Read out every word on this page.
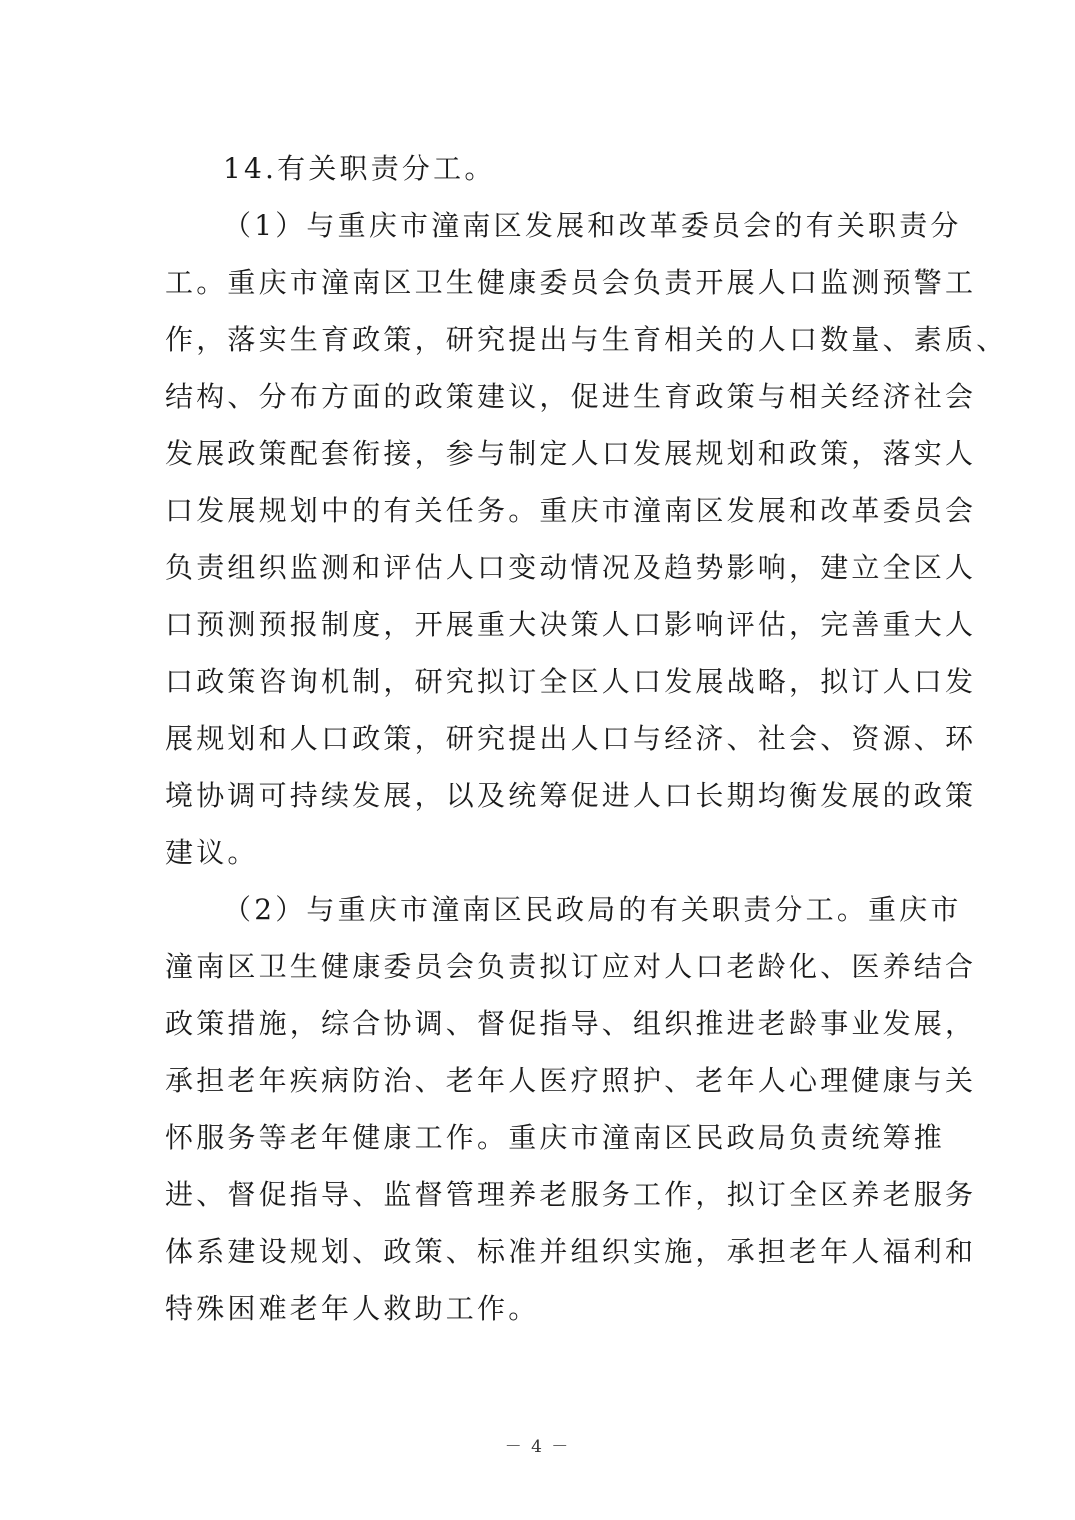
14.有关职责分工。
（1）与重庆市潼南区发展和改革委员会的有关职责分
工。重庆市潼南区卫生健康委员会负责开展人口监测预警工
作，落实生育政策，研究提出与生育相关的人口数量、素质、
结构、分布方面的政策建议，促进生育政策与相关经济社会
发展政策配套衔接，参与制定人口发展规划和政策，落实人
口发展规划中的有关任务。重庆市潼南区发展和改革委员会
负责组织监测和评估人口变动情况及趋势影响，建立全区人
口预测预报制度，开展重大决策人口影响评估，完善重大人
口政策咨询机制，研究拟订全区人口发展战略，拟订人口发
展规划和人口政策，研究提出人口与经济、社会、资源、环
境协调可持续发展，以及统筹促进人口长期均衡发展的政策
建议。
（2）与重庆市潼南区民政局的有关职责分工。重庆市
潼南区卫生健康委员会负责拟订应对人口老龄化、医养结合
政策措施，综合协调、督促指导、组织推进老龄事业发展，
承担老年疾病防治、老年人医疗照护、老年人心理健康与关
怀服务等老年健康工作。重庆市潼南区民政局负责统筹推
进、督促指导、监督管理养老服务工作，拟订全区养老服务
体系建设规划、政策、标准并组织实施，承担老年人福利和
特殊困难老年人救助工作。
－ 4 －
